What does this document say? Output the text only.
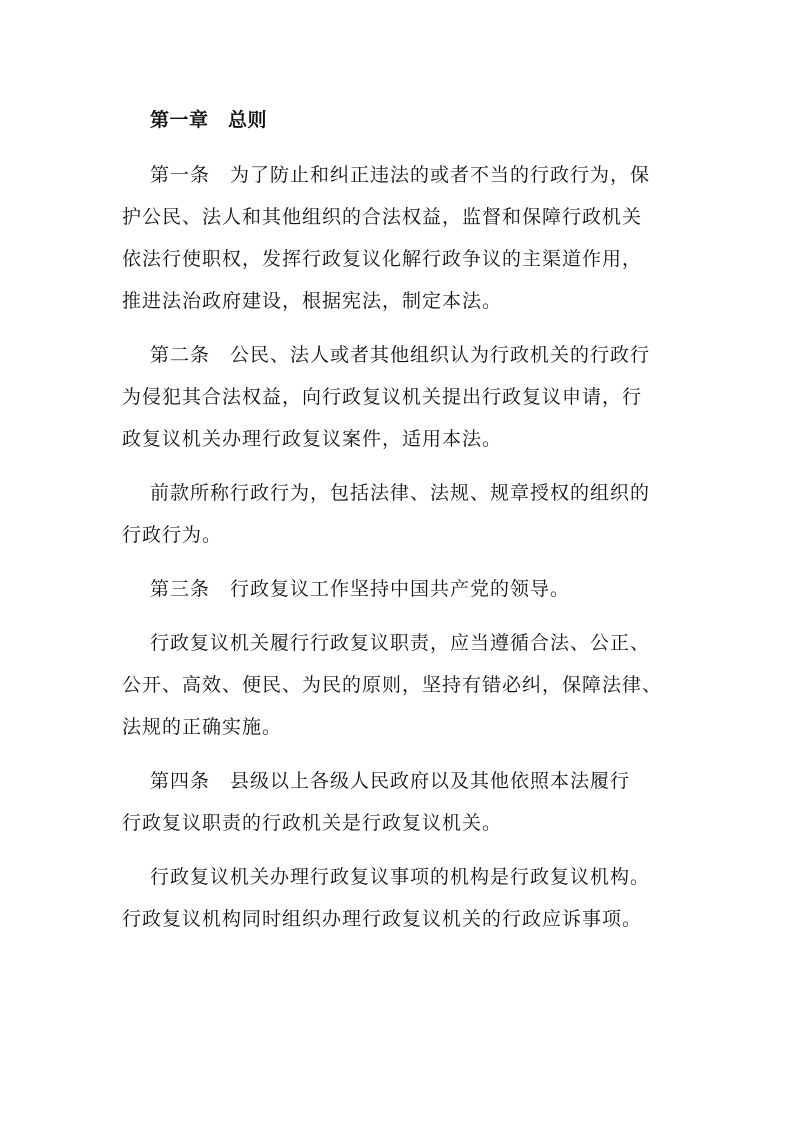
第一章　总则
第一条　为了防止和纠正违法的或者不当的行政行为，保
护公民、法人和其他组织的合法权益，监督和保障行政机关
依法行使职权，发挥行政复议化解行政争议的主渠道作用，
推进法治政府建设，根据宪法，制定本法。
第二条　公民、法人或者其他组织认为行政机关的行政行
为侵犯其合法权益，向行政复议机关提出行政复议申请，行
政复议机关办理行政复议案件，适用本法。
前款所称行政行为，包括法律、法规、规章授权的组织的
行政行为。
第三条　行政复议工作坚持中国共产党的领导。
行政复议机关履行行政复议职责，应当遵循合法、公正、
公开、高效、便民、为民的原则，坚持有错必纠，保障法律、
法规的正确实施。
第四条　县级以上各级人民政府以及其他依照本法履行
行政复议职责的行政机关是行政复议机关。
行政复议机关办理行政复议事项的机构是行政复议机构。
行政复议机构同时组织办理行政复议机关的行政应诉事项。
